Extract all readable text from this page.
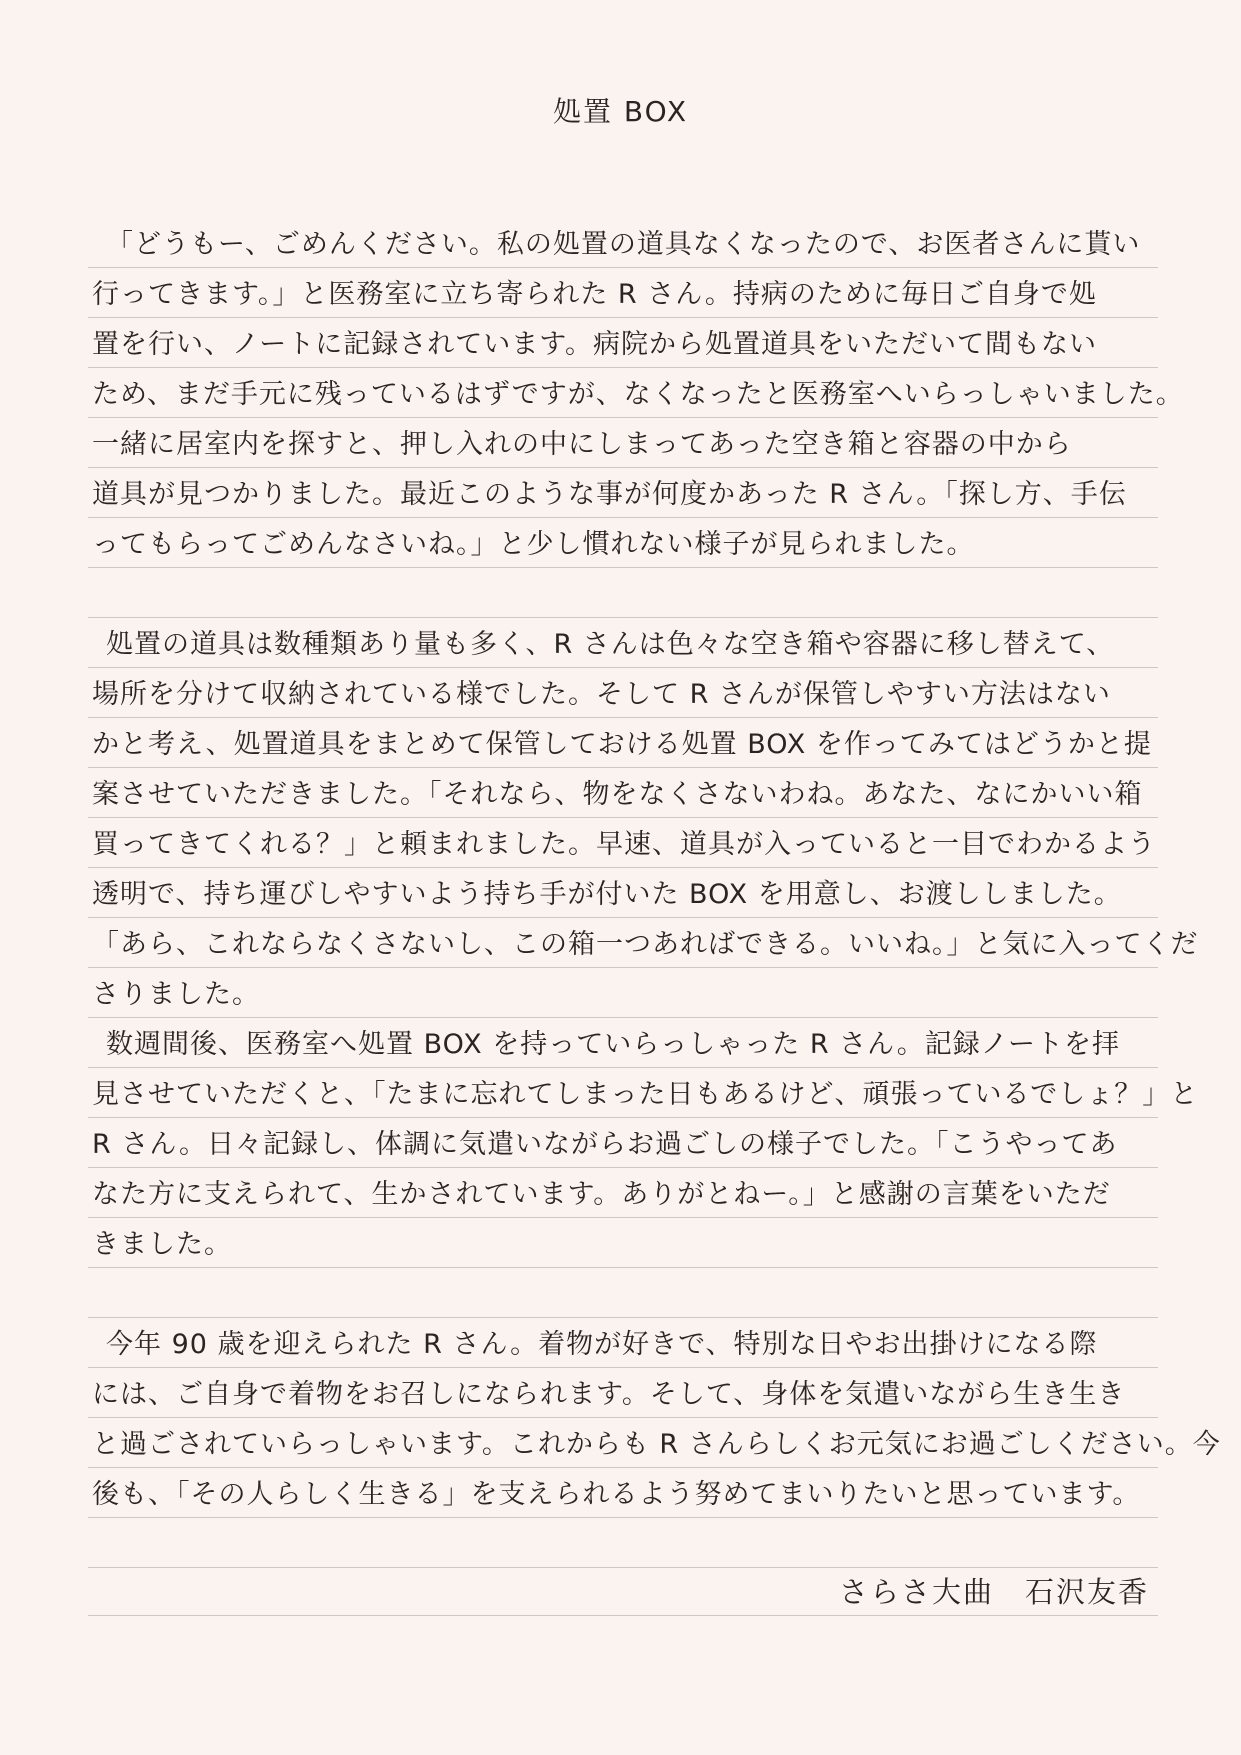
処置 BOX
「どうもー、ごめんください。私の処置の道具なくなったので、お医者さんに貰い
行ってきます。」と医務室に立ち寄られた R さん。持病のために毎日ご自身で処
置を行い、ノートに記録されています。病院から処置道具をいただいて間もない
ため、まだ手元に残っているはずですが、なくなったと医務室へいらっしゃいました。
一緒に居室内を探すと、押し入れの中にしまってあった空き箱と容器の中から
道具が見つかりました。最近このような事が何度かあった R さん。「探し方、手伝
ってもらってごめんなさいね。」と少し慣れない様子が見られました。
処置の道具は数種類あり量も多く、R さんは色々な空き箱や容器に移し替えて、
場所を分けて収納されている様でした。そして R さんが保管しやすい方法はない
かと考え、処置道具をまとめて保管しておける処置 BOX を作ってみてはどうかと提
案させていただきました。「それなら、物をなくさないわね。あなた、なにかいい箱
買ってきてくれる？」と頼まれました。早速、道具が入っていると一目でわかるよう
透明で、持ち運びしやすいよう持ち手が付いた BOX を用意し、お渡ししました。
「あら、これならなくさないし、この箱一つあればできる。いいね。」と気に入ってくだ
さりました。
数週間後、医務室へ処置 BOX を持っていらっしゃった R さん。記録ノートを拝
見させていただくと、「たまに忘れてしまった日もあるけど、頑張っているでしょ？」と
R さん。日々記録し、体調に気遣いながらお過ごしの様子でした。「こうやってあ
なた方に支えられて、生かされています。ありがとねー。」と感謝の言葉をいただ
きました。
今年 90 歳を迎えられた R さん。着物が好きで、特別な日やお出掛けになる際
には、ご自身で着物をお召しになられます。そして、身体を気遣いながら生き生き
と過ごされていらっしゃいます。これからも R さんらしくお元気にお過ごしください。今
後も、「その人らしく生きる」を支えられるよう努めてまいりたいと思っています。
さらさ大曲　石沢友香
